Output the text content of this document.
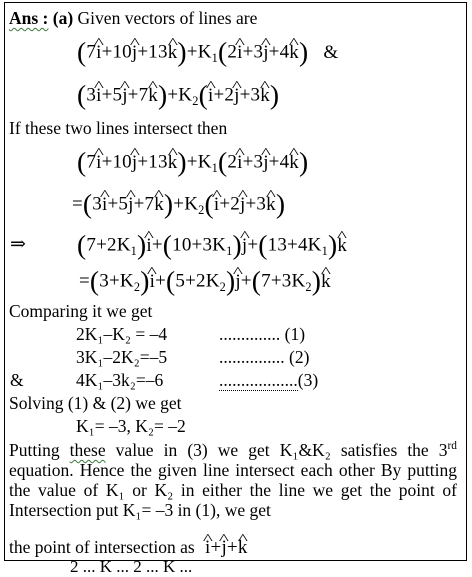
Ans : (a) Given vectors of lines are
(7^ i+10^ j+13^ $k)+K_1(2\^{}$ i+3^ j+4^ k) &
(3^ i+5^ j+7^ $k)+K_2(\^{}$ i+2^ j+3^ k)
If these two lines intersect then
(7^ i+10^ j+13^ $k)+K_1(2\^{}$ i+3^ j+4^ k)
=(3^ i+5^ j+7^ $k)+K_2(\^{}$ i+2^ j+3^ k)
⇒ $(7+2K_1)\^{}$ $i+(10+3K_1)\^{}$ $j+(13+4K_1)\^{}$ k
$=(3+K_2)\^{}$ $i+(5+2K_2)\^{}$ $j+(7+3K_2)\^{}$ k
Comparing it we get
2K₁–K₂ = –4	.............. (1)
3K₁–2K₂=–5	............... (2)
&	4K₁–3k₂=–6	..................(3)
Solving (1) & (2) we get
K₁= –3, K₂= –2
Putting these value in (3) we get K₁&K₂ satisfies the 3rd equation. Hence the given line intersect each other By putting the value of K₁ or K₂ in either the line we get the point of Intersection put K₁= –3 in (1), we get
the point of intersection as ^ i+^ j+^ k
2 ... K ... 2 ... K ...
